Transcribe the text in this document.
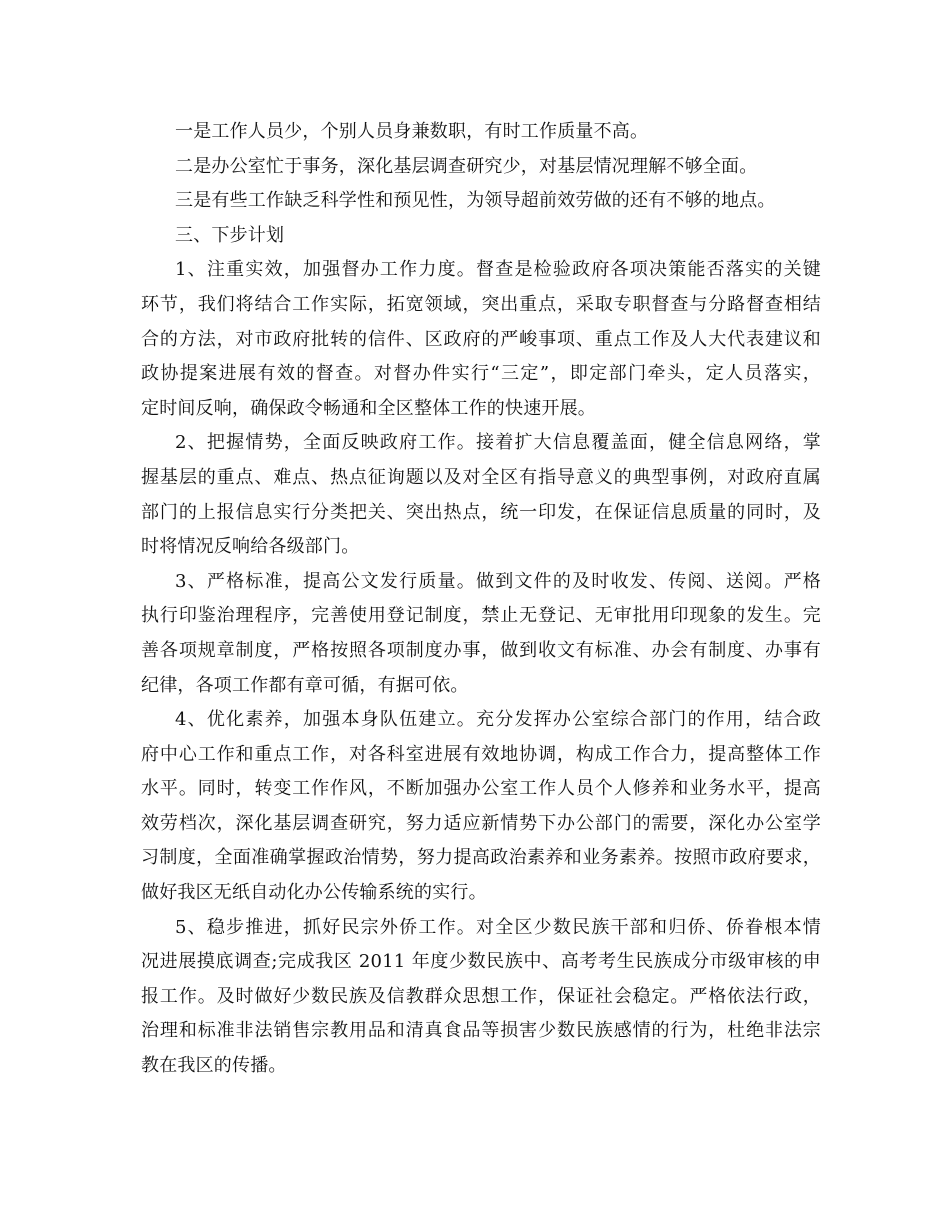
一是工作人员少，个别人员身兼数职，有时工作质量不高。
二是办公室忙于事务，深化基层调查研究少，对基层情况理解不够全面。
三是有些工作缺乏科学性和预见性，为领导超前效劳做的还有不够的地点。
三、下步计划
1、注重实效，加强督办工作力度。督查是检验政府各项决策能否落实的关键
环节，我们将结合工作实际，拓宽领域，突出重点，采取专职督查与分路督查相结
合的方法，对市政府批转的信件、区政府的严峻事项、重点工作及人大代表建议和
政协提案进展有效的督查。对督办件实行“三定”，即定部门牵头，定人员落实，
定时间反响，确保政令畅通和全区整体工作的快速开展。
2、把握情势，全面反映政府工作。接着扩大信息覆盖面，健全信息网络，掌
握基层的重点、难点、热点征询题以及对全区有指导意义的典型事例，对政府直属
部门的上报信息实行分类把关、突出热点，统一印发，在保证信息质量的同时，及
时将情况反响给各级部门。
3、严格标准，提高公文发行质量。做到文件的及时收发、传阅、送阅。严格
执行印鉴治理程序，完善使用登记制度，禁止无登记、无审批用印现象的发生。完
善各项规章制度，严格按照各项制度办事，做到收文有标准、办会有制度、办事有
纪律，各项工作都有章可循，有据可依。
4、优化素养，加强本身队伍建立。充分发挥办公室综合部门的作用，结合政
府中心工作和重点工作，对各科室进展有效地协调，构成工作合力，提高整体工作
水平。同时，转变工作作风，不断加强办公室工作人员个人修养和业务水平，提高
效劳档次，深化基层调查研究，努力适应新情势下办公部门的需要，深化办公室学
习制度，全面准确掌握政治情势，努力提高政治素养和业务素养。按照市政府要求，
做好我区无纸自动化办公传输系统的实行。
5、稳步推进，抓好民宗外侨工作。对全区少数民族干部和归侨、侨眷根本情
况进展摸底调查;完成我区 2011 年度少数民族中、高考考生民族成分市级审核的申
报工作。及时做好少数民族及信教群众思想工作，保证社会稳定。严格依法行政，
治理和标准非法销售宗教用品和清真食品等损害少数民族感情的行为，杜绝非法宗
教在我区的传播。
